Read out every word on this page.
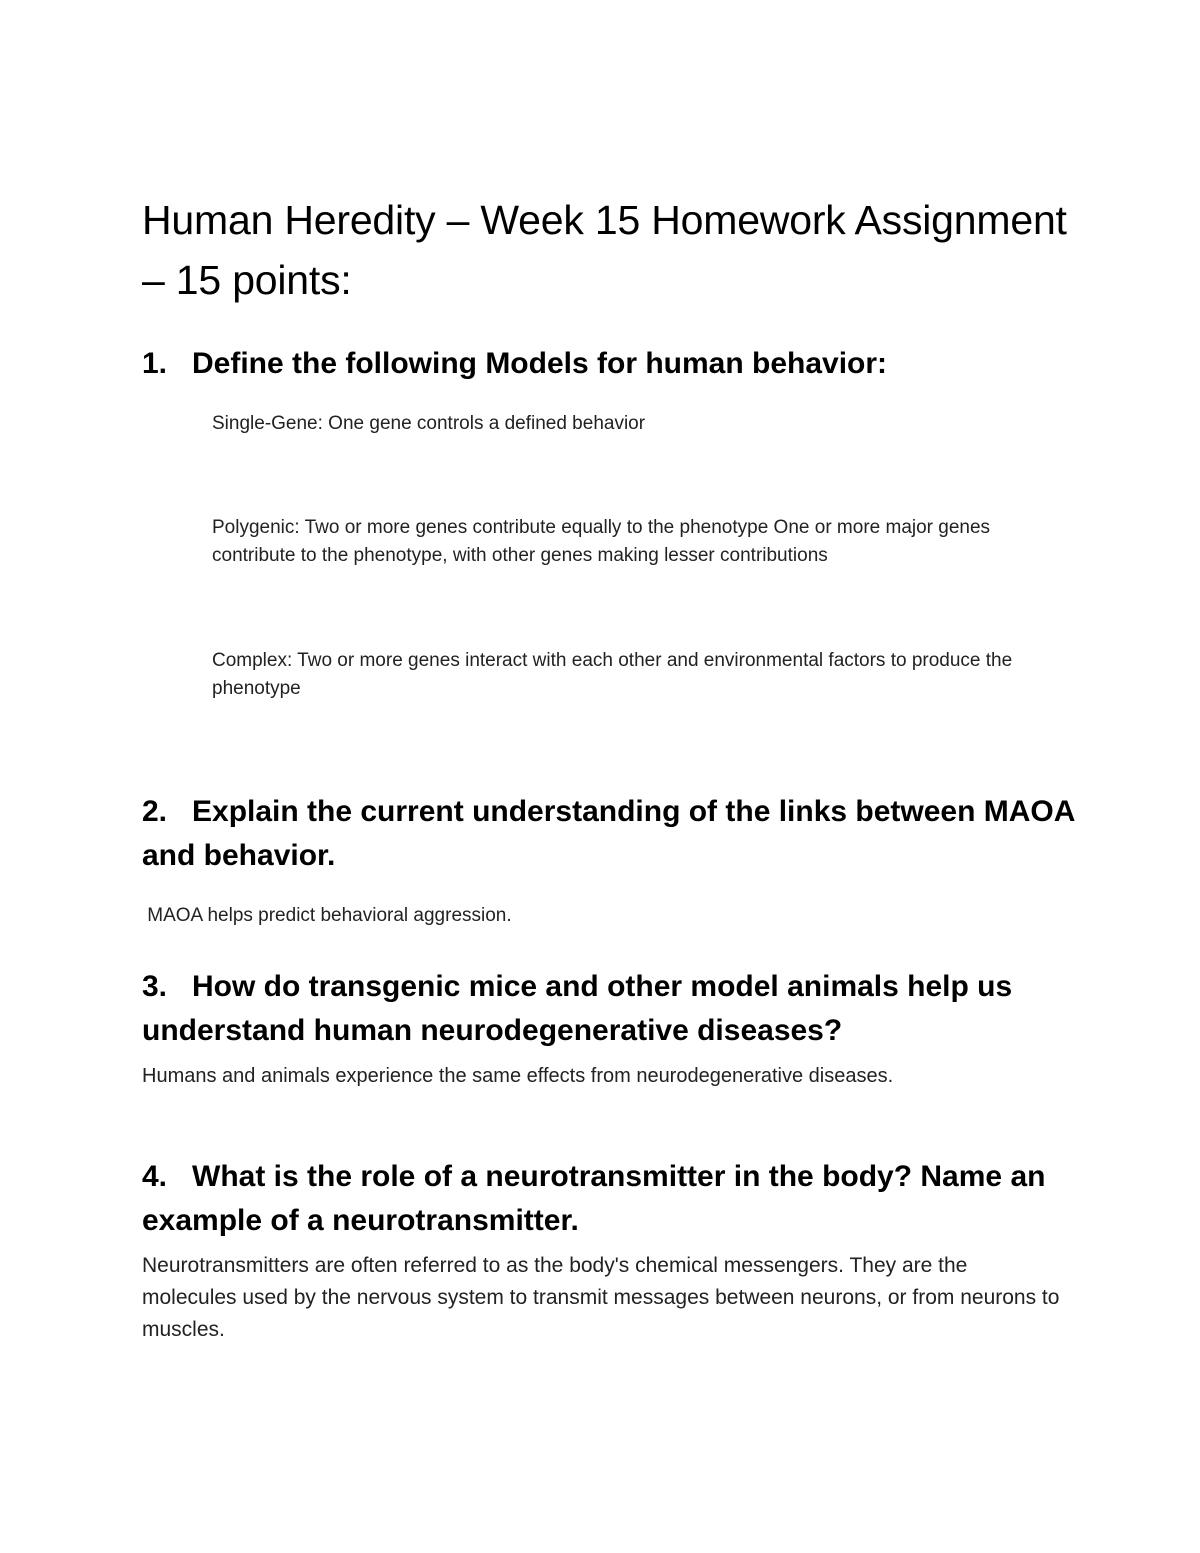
Human Heredity – Week 15 Homework Assignment – 15 points:
1. Define the following Models for human behavior:

Single-Gene: One gene controls a defined behavior

Polygenic: Two or more genes contribute equally to the phenotype One or more major genes contribute to the phenotype, with other genes making lesser contributions

Complex: Two or more genes interact with each other and environmental factors to produce the phenotype

2. Explain the current understanding of the links between MAOA and behavior.

MAOA helps predict behavioral aggression.

3. How do transgenic mice and other model animals help us understand human neurodegenerative diseases?

Humans and animals experience the same effects from neurodegenerative diseases.

4. What is the role of a neurotransmitter in the body? Name an example of a neurotransmitter.

Neurotransmitters are often referred to as the body's chemical messengers. They are the molecules used by the nervous system to transmit messages between neurons, or from neurons to muscles.
